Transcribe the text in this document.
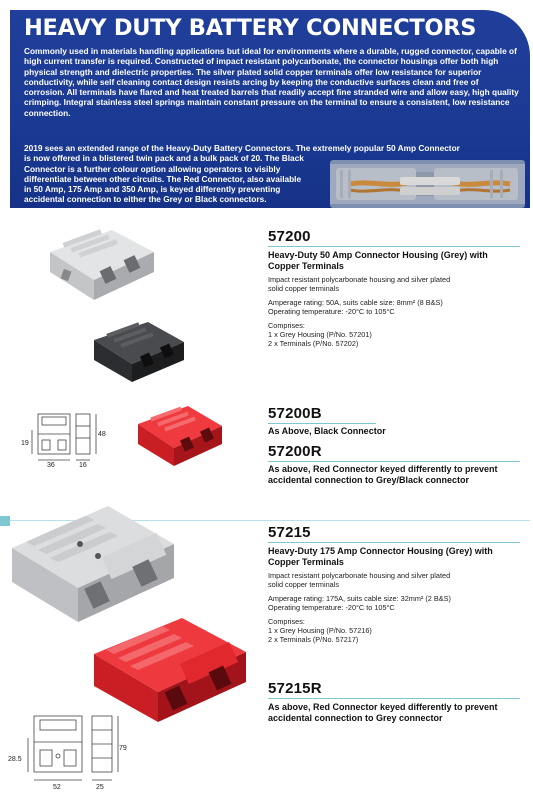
HEAVY DUTY BATTERY CONNECTORS
Commonly used in materials handling applications but ideal for environments where a durable, rugged connector, capable of high current transfer is required. Constructed of impact resistant polycarbonate, the connector housings offer both high physical strength and dielectric properties. The silver plated solid copper terminals offer low resistance for superior conductivity, while self cleaning contact design resists arcing by keeping the conductive surfaces clean and free of corrosion. All terminals have flared and heat treated barrels that readily accept fine stranded wire and allow easy, high quality crimping. Integral stainless steel springs maintain constant pressure on the terminal to ensure a consistent, low resistance connection.
2019 sees an extended range of the Heavy-Duty Battery Connectors. The extremely popular 50 Amp Connector
is now offered in a blistered twin pack and a bulk pack of 20. The Black
Connector is a further colour option allowing operators to visibly
differentiate between other circuits. The Red Connector, also available
in 50 Amp, 175 Amp and 350 Amp, is keyed differently preventing
accidental connection to either the Grey or Black connectors.
36	16
19
48
57200
Heavy-Duty 50 Amp Connector Housing (Grey) with Copper Terminals
Impact resistant polycarbonate housing and silver plated
solid copper terminals
Amperage rating: 50A, suits cable size: 8mm² (8 B&S)
Operating temperature: -20°C to 105°C
Comprises:
1 x Grey Housing (P/No. 57201)
2 x Terminals (P/No. 57202)
57200B
As Above, Black Connector
57200R
As above, Red Connector keyed differently to prevent accidental connection to Grey/Black connector
52	25
28.5
79
57215
Heavy-Duty 175 Amp Connector Housing (Grey) with Copper Terminals
Impact resistant polycarbonate housing and silver plated
solid copper terminals
Amperage rating: 175A, suits cable size: 32mm² (2 B&S)
Operating temperature: -20°C to 105°C
Comprises:
1 x Grey Housing (P/No. 57216)
2 x Terminals (P/No. 57217)
57215R
As above, Red Connector keyed differently to prevent accidental connection to Grey connector
